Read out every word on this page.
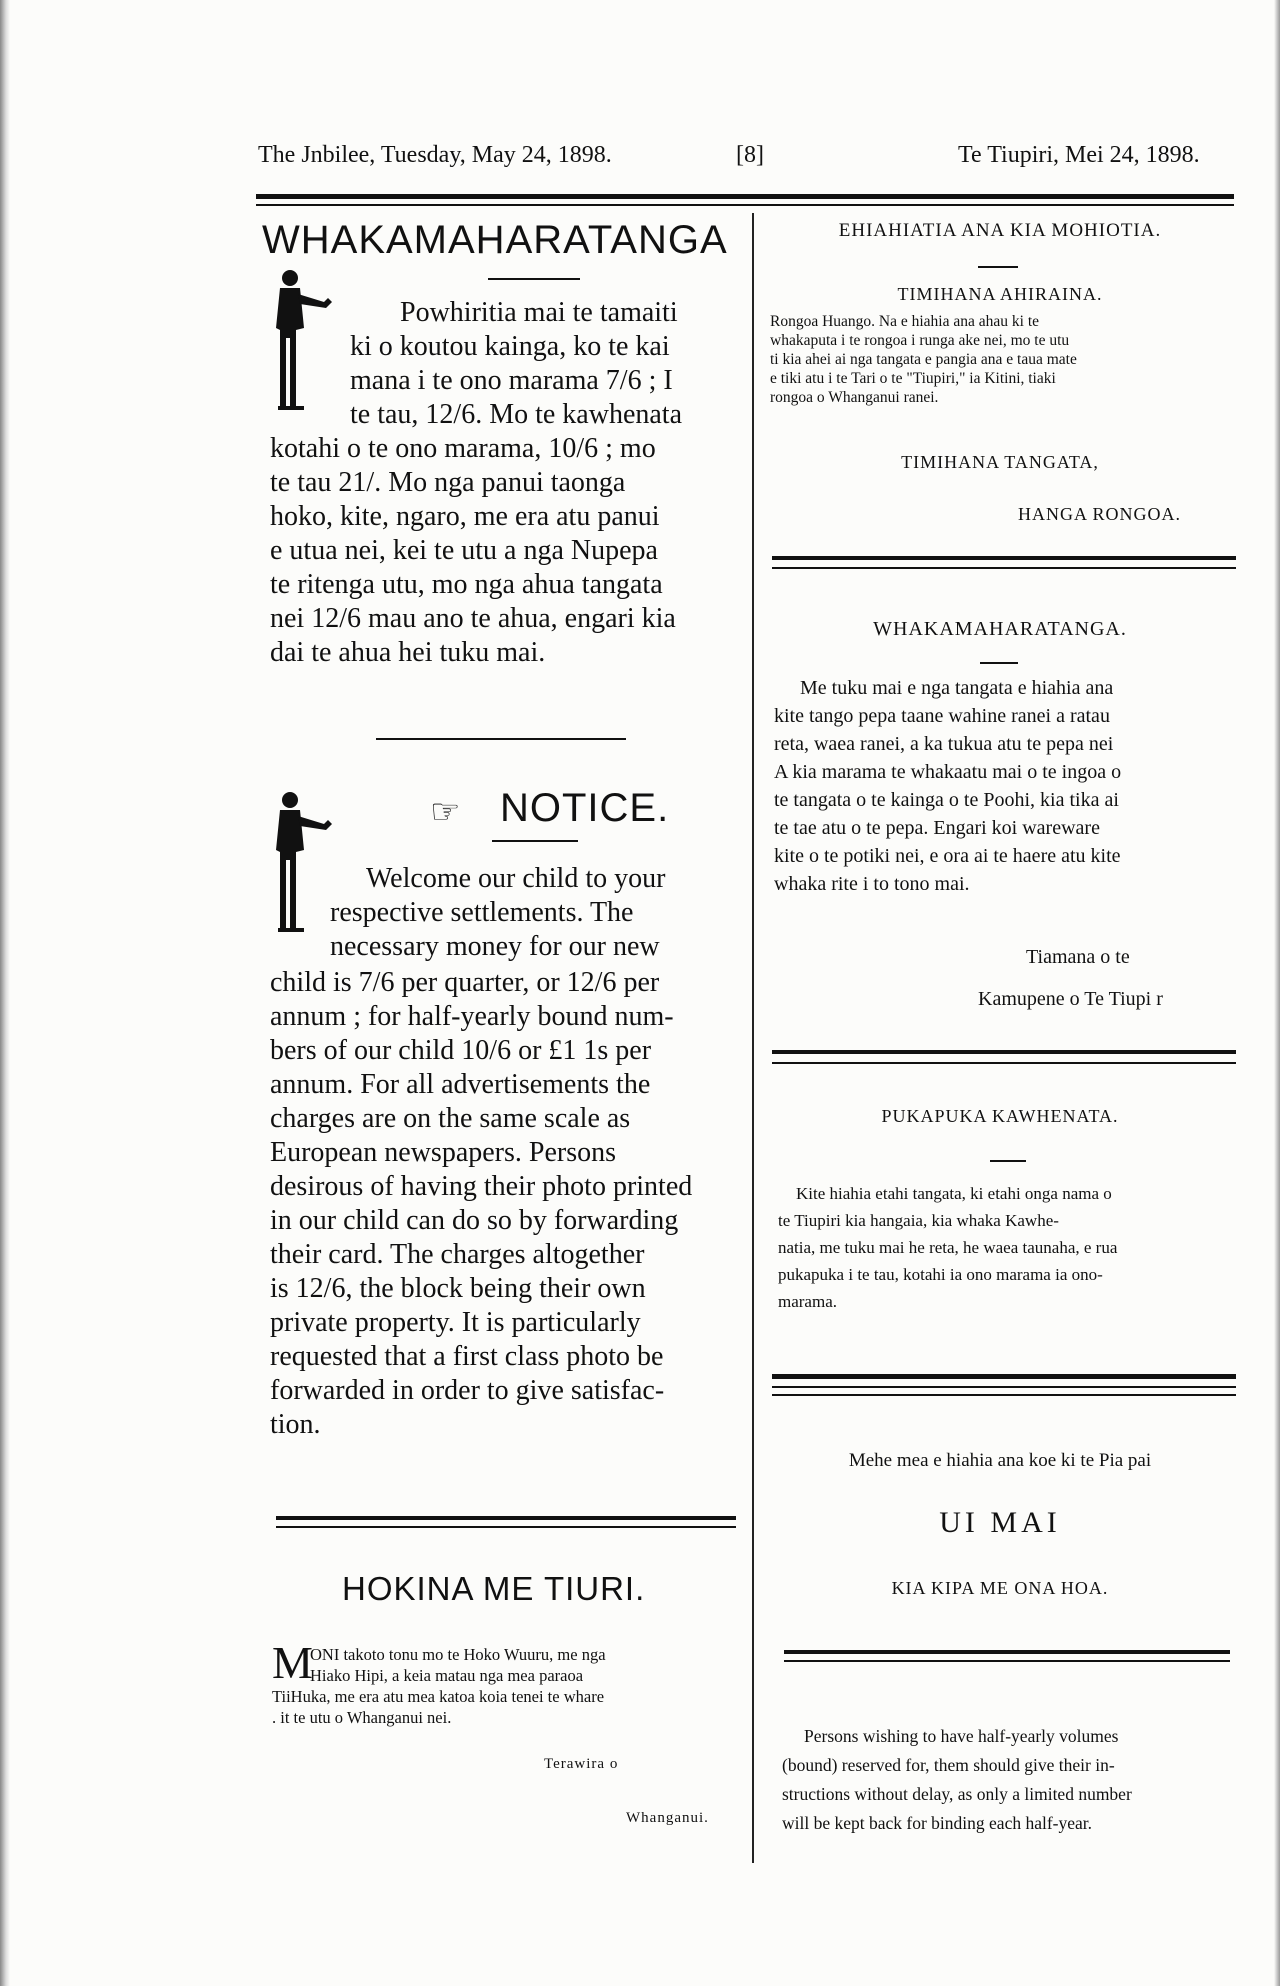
The Jnbilee, Tuesday, May 24, 1898.	[8]	Te Tiupiri, Mei 24, 1898.
WHAKAMAHARATANGA
Powhiritia mai te tamaiti
ki o koutou kainga, ko te kai
mana i te ono marama 7/6 ; I
te tau, 12/6. Mo te kawhenata
kotahi o te ono marama, 10/6 ; mo
te tau 21/. Mo nga panui taonga
hoko, kite, ngaro, me era atu panui
e utua nei, kei te utu a nga Nupepa
te ritenga utu, mo nga ahua tangata
nei 12/6 mau ano te ahua, engari kia
dai te ahua hei tuku mai.
☞ NOTICE.
Welcome our child to your
respective settlements. The
necessary money for our new
child is 7/6 per quarter, or 12/6 per
annum ; for half-yearly bound num-
bers of our child 10/6 or £1 1s per
annum. For all advertisements the
charges are on the same scale as
European newspapers. Persons
desirous of having their photo printed
in our child can do so by forwarding
their card. The charges altogether
is 12/6, the block being their own
private property. It is particularly
requested that a first class photo be
forwarded in order to give satisfac-
tion.
HOKINA ME TIURI.
M
ONI takoto tonu mo te Hoko Wuuru, me nga
Hiako Hipi, a keia matau nga mea paraoa
TiiHuka, me era atu mea katoa koia tenei te whare
. it te utu o Whanganui nei.
Terawira o
Whanganui.
EHIAHIATIA ANA KIA MOHIOTIA.
TIMIHANA AHIRAINA.
Rongoa Huango. Na e hiahia ana ahau ki te
whakaputa i te rongoa i runga ake nei, mo te utu
ti kia ahei ai nga tangata e pangia ana e taua mate
e tiki atu i te Tari o te "Tiupiri," ia Kitini, tiaki
rongoa o Whanganui ranei.
TIMIHANA TANGATA,
HANGA RONGOA.
WHAKAMAHARATANGA.
Me tuku mai e nga tangata e hiahia ana
kite tango pepa taane wahine ranei a ratau
reta, waea ranei, a ka tukua atu te pepa nei
A kia marama te whakaatu mai o te ingoa o
te tangata o te kainga o te Poohi, kia tika ai
te tae atu o te pepa. Engari koi wareware
kite o te potiki nei, e ora ai te haere atu kite
whaka rite i to tono mai.
Tiamana o te
Kamupene o Te Tiupi r
PUKAPUKA KAWHENATA.
Kite hiahia etahi tangata, ki etahi onga nama o
te Tiupiri kia hangaia, kia whaka Kawhe-
natia, me tuku mai he reta, he waea taunaha, e rua
pukapuka i te tau, kotahi ia ono marama ia ono-
marama.
Mehe mea e hiahia ana koe ki te Pia pai
UI MAI
KIA KIPA ME ONA HOA.
Persons wishing to have half-yearly volumes
(bound) reserved for, them should give their in-
structions without delay, as only a limited number
will be kept back for binding each half-year.
